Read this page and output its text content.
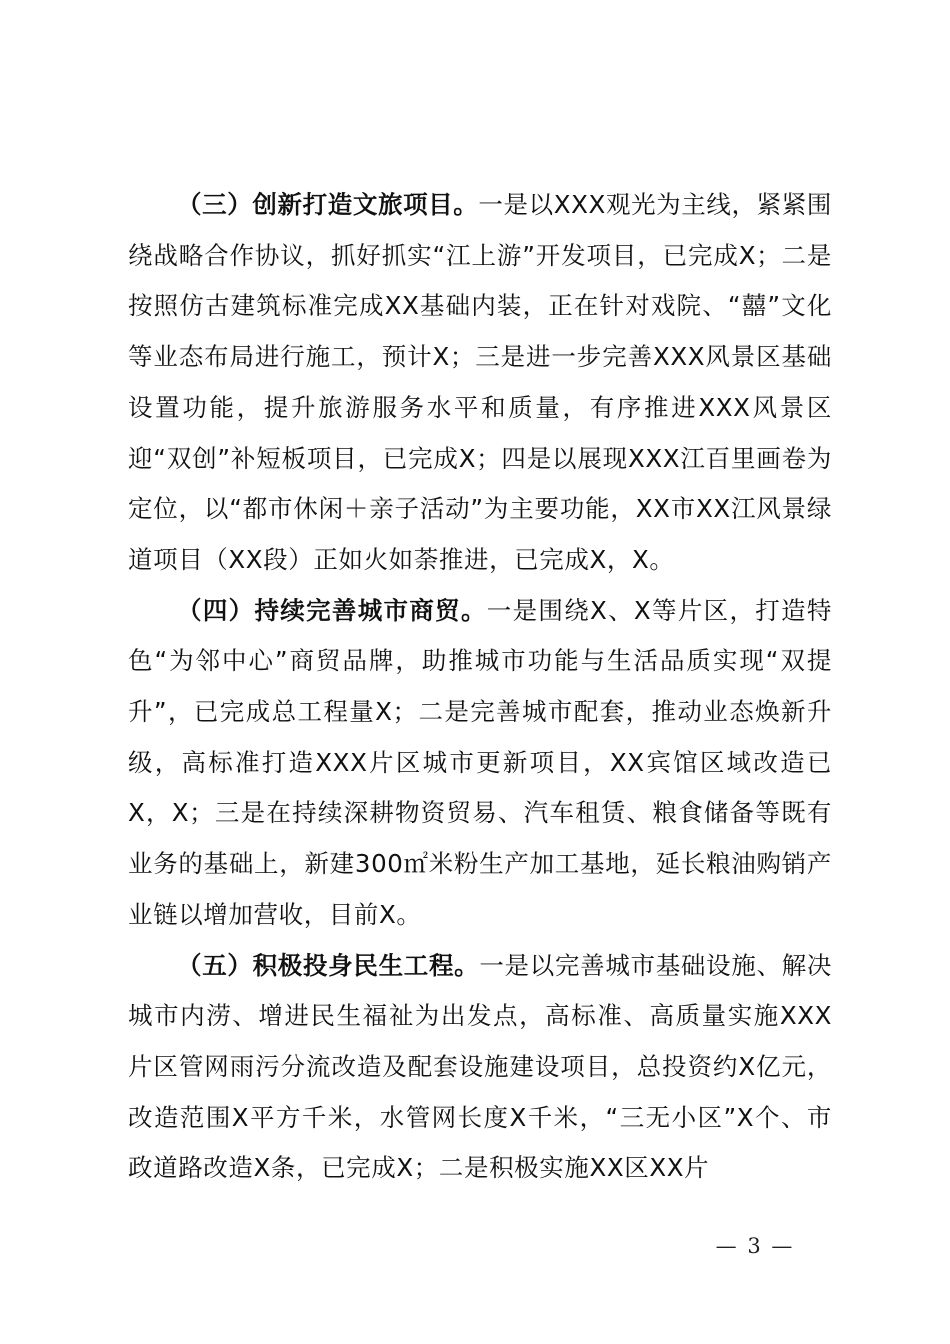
（三）创新打造文旅项目。一是以XXX观光为主线，紧紧围绕战略合作协议，抓好抓实“江上游”开发项目，已完成X；二是按照仿古建筑标准完成XX基础内装，正在针对戏院、“囍”文化等业态布局进行施工，预计X；三是进一步完善XXX风景区基础设置功能，提升旅游服务水平和质量，有序推进XXX风景区迎“双创”补短板项目，已完成X；四是以展现XXX江百里画卷为定位，以“都市休闲＋亲子活动”为主要功能，XX市XX江风景绿道项目（XX段）正如火如荼推进，已完成X，X。

（四）持续完善城市商贸。一是围绕X、X等片区，打造特色“为邻中心”商贸品牌，助推城市功能与生活品质实现“双提升”，已完成总工程量X；二是完善城市配套，推动业态焕新升级，高标准打造XXX片区城市更新项目，XX宾馆区域改造已X，X；三是在持续深耕物资贸易、汽车租赁、粮食储备等既有业务的基础上，新建300㎡米粉生产加工基地，延长粮油购销产业链以增加营收，目前X。

（五）积极投身民生工程。一是以完善城市基础设施、解决城市内涝、增进民生福祉为出发点，高标准、高质量实施XXX片区管网雨污分流改造及配套设施建设项目，总投资约X亿元，改造范围X平方千米，水管网长度X千米，“三无小区”X个、市政道路改造X条，已完成X；二是积极实施XX区XX片

— 3 —
